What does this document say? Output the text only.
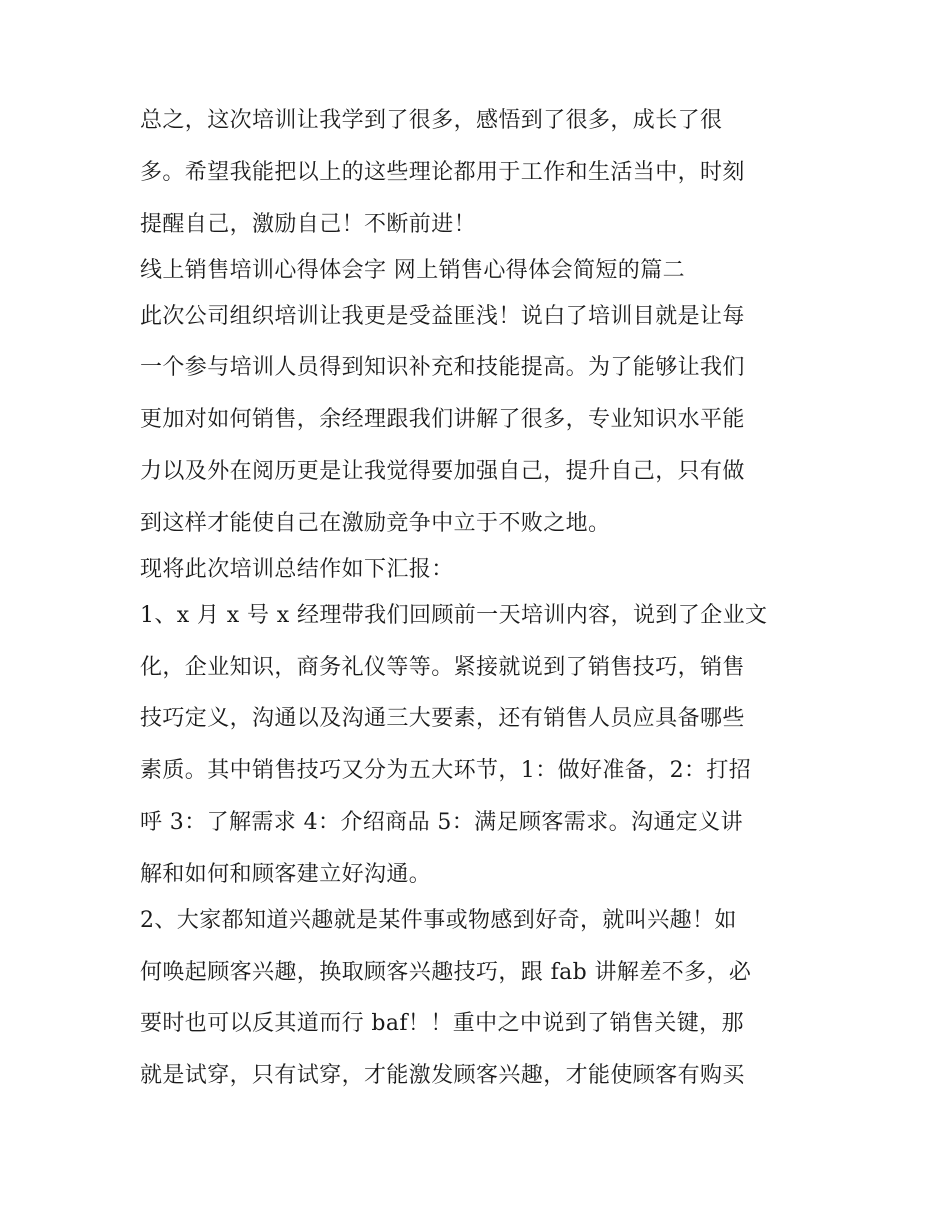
总之，这次培训让我学到了很多，感悟到了很多，成长了很
多。希望我能把以上的这些理论都用于工作和生活当中，时刻
提醒自己，激励自己！不断前进！
线上销售培训心得体会字 网上销售心得体会简短的篇二
此次公司组织培训让我更是受益匪浅！说白了培训目就是让每
一个参与培训人员得到知识补充和技能提高。为了能够让我们
更加对如何销售，余经理跟我们讲解了很多，专业知识水平能
力以及外在阅历更是让我觉得要加强自己，提升自己，只有做
到这样才能使自己在激励竞争中立于不败之地。
现将此次培训总结作如下汇报：
1、x 月 x 号 x 经理带我们回顾前一天培训内容，说到了企业文
化，企业知识，商务礼仪等等。紧接就说到了销售技巧，销售
技巧定义，沟通以及沟通三大要素，还有销售人员应具备哪些
素质。其中销售技巧又分为五大环节，1：做好准备，2：打招
呼 3：了解需求 4：介绍商品 5：满足顾客需求。沟通定义讲
解和如何和顾客建立好沟通。
2、大家都知道兴趣就是某件事或物感到好奇，就叫兴趣！如
何唤起顾客兴趣，换取顾客兴趣技巧，跟 fab 讲解差不多，必
要时也可以反其道而行 baf！！重中之中说到了销售关键，那
就是试穿，只有试穿，才能激发顾客兴趣，才能使顾客有购买
